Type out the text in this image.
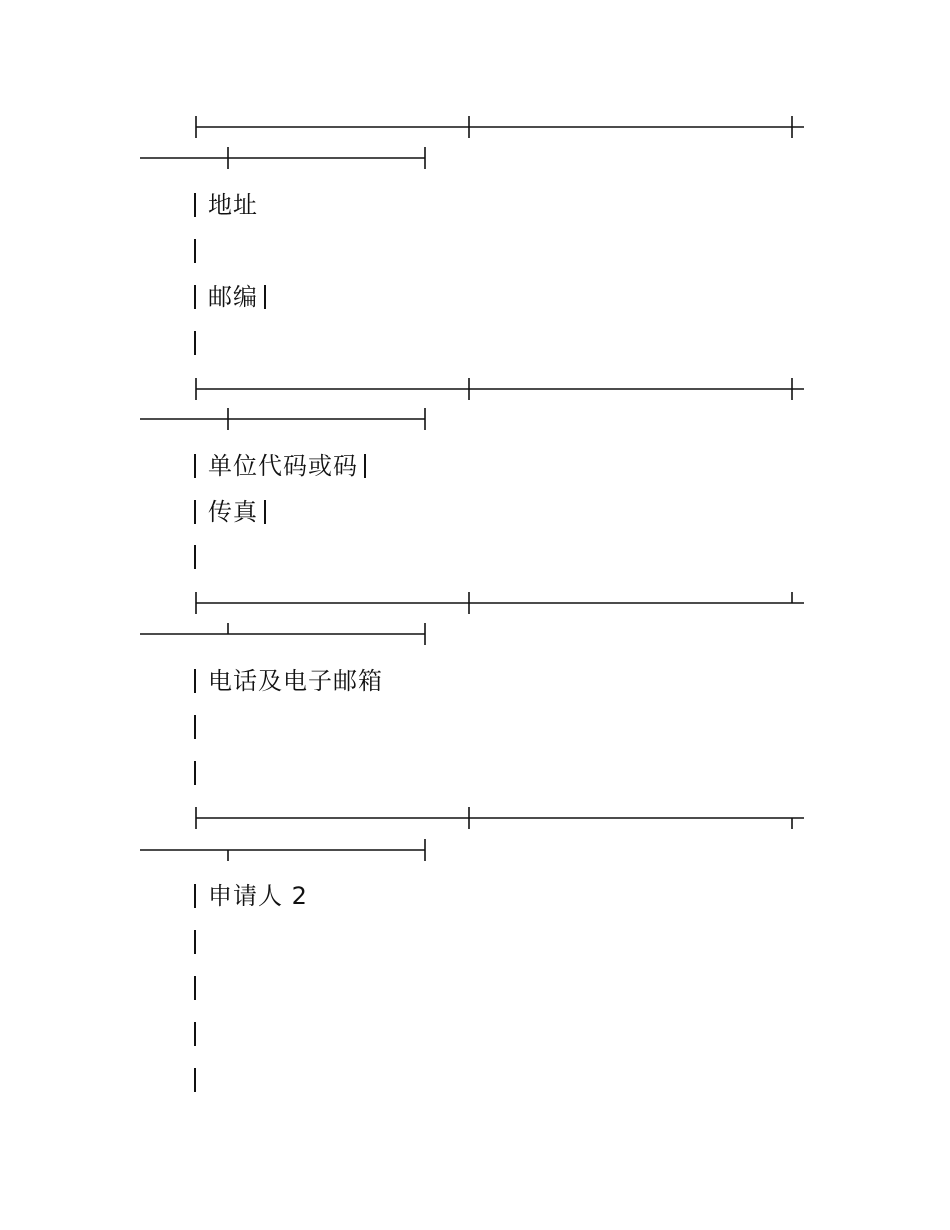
地址
邮编
单位代码或码
传真
电话及电子邮箱
申请人 2
